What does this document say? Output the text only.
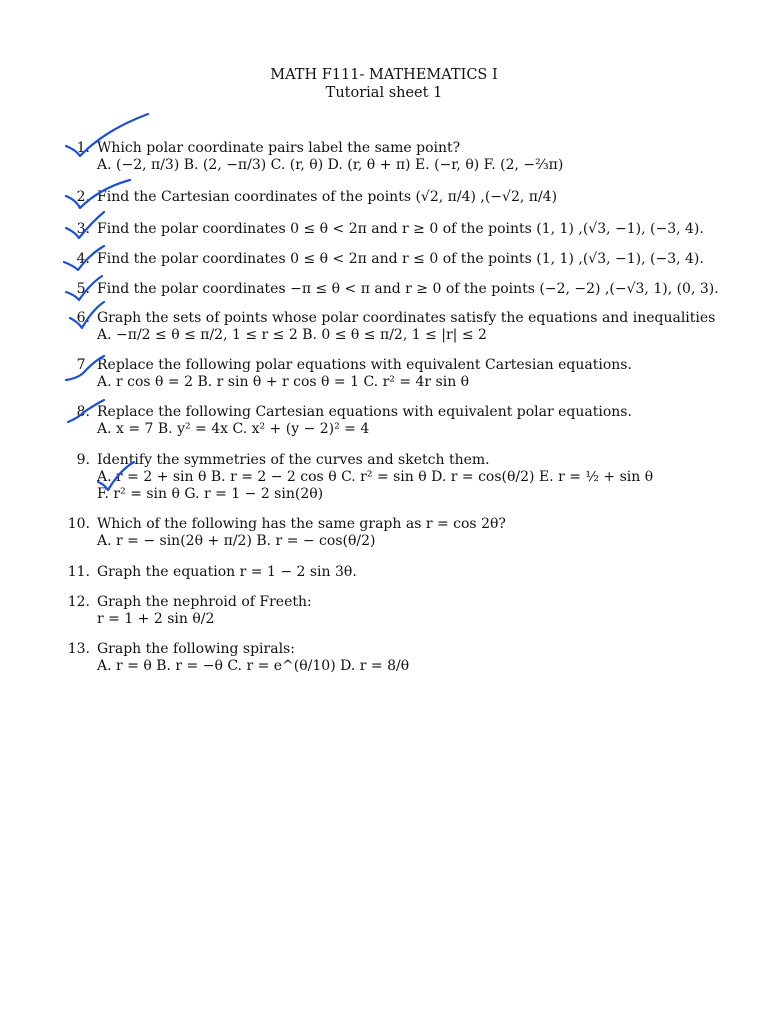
MATH F111- MATHEMATICS I
Tutorial sheet 1
1. Which polar coordinate pairs label the same point?
A. (−2, π/3) B. (2, −π/3) C. (r, θ) D. (r, θ + π) E. (−r, θ) F. (2, −⅔π)
2. Find the Cartesian coordinates of the points (√2, π/4) ,(−√2, π/4)
3. Find the polar coordinates 0 ≤ θ < 2π and r ≥ 0 of the points (1, 1) ,(√3, −1), (−3, 4).
4. Find the polar coordinates 0 ≤ θ < 2π and r ≤ 0 of the points (1, 1) ,(√3, −1), (−3, 4).
5. Find the polar coordinates −π ≤ θ < π and r ≥ 0 of the points (−2, −2) ,(−√3, 1), (0, 3).
6. Graph the sets of points whose polar coordinates satisfy the equations and inequalities
A. −π/2 ≤ θ ≤ π/2, 1 ≤ r ≤ 2 B. 0 ≤ θ ≤ π/2, 1 ≤ |r| ≤ 2
7. Replace the following polar equations with equivalent Cartesian equations.
A. r cos θ = 2 B. r sin θ + r cos θ = 1 C. r² = 4r sin θ
8. Replace the following Cartesian equations with equivalent polar equations.
A. x = 7 B. y² = 4x C. x² + (y − 2)² = 4
9. Identify the symmetries of the curves and sketch them.
A. r = 2 + sin θ B. r = 2 − 2 cos θ C. r² = sin θ D. r = cos(θ/2) E. r = ½ + sin θ
F. r² = sin θ G. r = 1 − 2 sin(2θ)
10. Which of the following has the same graph as r = cos 2θ?
A. r = − sin(2θ + π/2) B. r = − cos(θ/2)
11. Graph the equation r = 1 − 2 sin 3θ.
12. Graph the nephroid of Freeth:
r = 1 + 2 sin θ/2
13. Graph the following spirals:
A. r = θ B. r = −θ C. r = e^(θ/10) D. r = 8/θ
